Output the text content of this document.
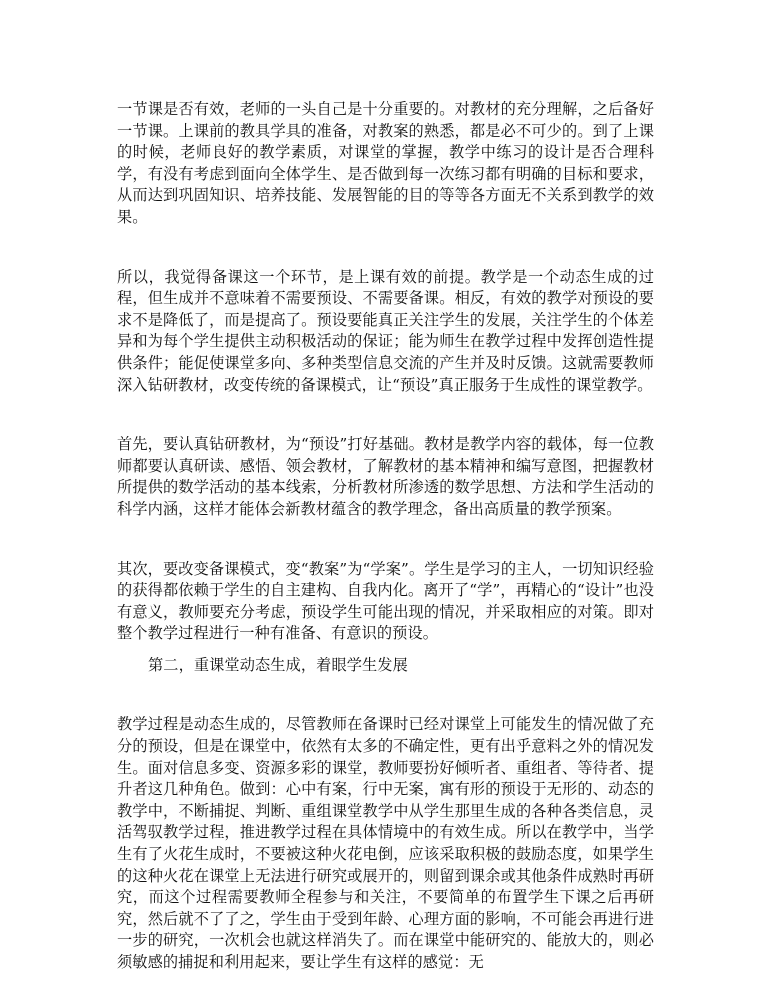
一节课是否有效，老师的一头自己是十分重要的。对教材的充分理解，之后备好一节课。上课前的教具学具的准备，对教案的熟悉，都是必不可少的。到了上课的时候，老师良好的教学素质，对课堂的掌握，教学中练习的设计是否合理科学，有没有考虑到面向全体学生、是否做到每一次练习都有明确的目标和要求，从而达到巩固知识、培养技能、发展智能的目的等等各方面无不关系到教学的效果。

所以，我觉得备课这一个环节，是上课有效的前提。教学是一个动态生成的过程，但生成并不意味着不需要预设、不需要备课。相反，有效的教学对预设的要求不是降低了，而是提高了。预设要能真正关注学生的发展，关注学生的个体差异和为每个学生提供主动积极活动的保证；能为师生在教学过程中发挥创造性提供条件；能促使课堂多向、多种类型信息交流的产生并及时反馈。这就需要教师深入钻研教材，改变传统的备课模式，让“预设”真正服务于生成性的课堂教学。

首先，要认真钻研教材，为“预设”打好基础。教材是教学内容的载体，每一位教师都要认真研读、感悟、领会教材，了解教材的基本精神和编写意图，把握教材所提供的数学活动的基本线索，分析教材所渗透的数学思想、方法和学生活动的科学内涵，这样才能体会新教材蕴含的教学理念，备出高质量的教学预案。

其次，要改变备课模式，变“教案”为“学案”。学生是学习的主人，一切知识经验的获得都依赖于学生的自主建构、自我内化。离开了“学”，再精心的“设计”也没有意义，教师要充分考虑，预设学生可能出现的情况，并采取相应的对策。即对整个教学过程进行一种有准备、有意识的预设。

第二，重课堂动态生成，着眼学生发展

教学过程是动态生成的，尽管教师在备课时已经对课堂上可能发生的情况做了充分的预设，但是在课堂中，依然有太多的不确定性，更有出乎意料之外的情况发生。面对信息多变、资源多彩的课堂，教师要扮好倾听者、重组者、等待者、提升者这几种角色。做到：心中有案，行中无案，寓有形的预设于无形的、动态的教学中，不断捕捉、判断、重组课堂教学中从学生那里生成的各种各类信息，灵活驾驭教学过程，推进教学过程在具体情境中的有效生成。所以在教学中，当学生有了火花生成时，不要被这种火花电倒，应该采取积极的鼓励态度，如果学生的这种火花在课堂上无法进行研究或展开的，则留到课余或其他条件成熟时再研究，而这个过程需要教师全程参与和关注，不要简单的布置学生下课之后再研究，然后就不了了之，学生由于受到年龄、心理方面的影响，不可能会再进行进一步的研究，一次机会也就这样消失了。而在课堂中能研究的、能放大的，则必须敏感的捕捉和利用起来，要让学生有这样的感觉：无
